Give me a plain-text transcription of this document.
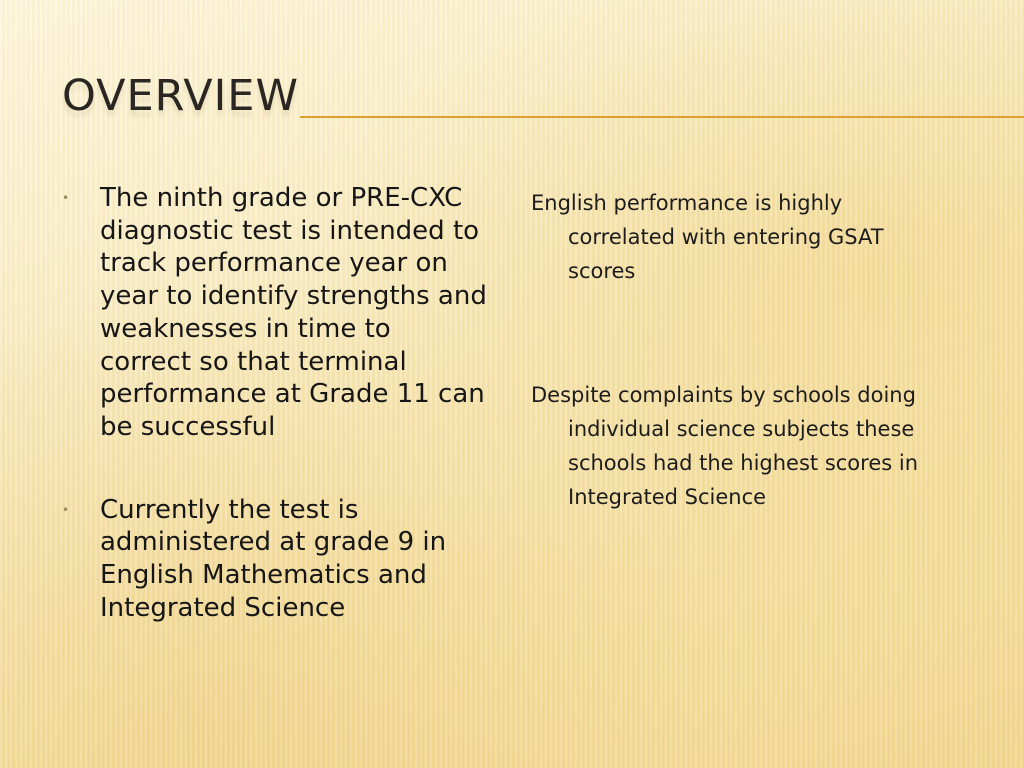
OVERVIEW
• The ninth grade or PRE-CXC diagnostic test is intended to track performance year on year to identify strengths and weaknesses in time to correct so that terminal performance at Grade 11 can be successful
• Currently the test is administered at grade 9 in English Mathematics and Integrated Science
English performance is highly correlated with entering GSAT scores
Despite complaints by schools doing individual science subjects these schools had the highest scores in Integrated Science
